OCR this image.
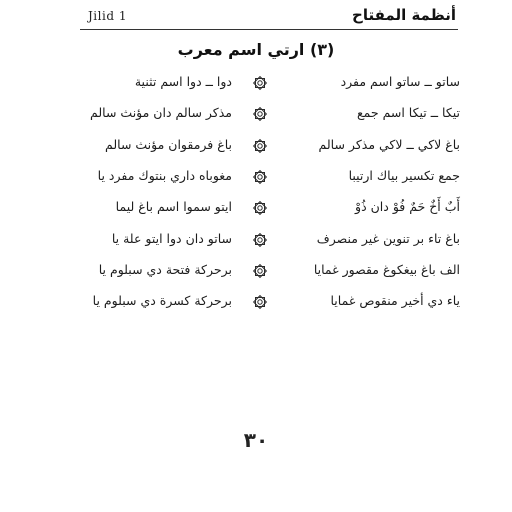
Jilid 1	أنظمة المفتاح
(٣) ارتي اسم معرب
ساتو ــ ساتو اسم مفرد
دوا ــ دوا اسم تثنية
تيكا ــ تيكا اسم جمع
مذكر سالم دان مؤنث سالم
باغ لاكي ــ لاكي مذكر سالم
باغ فرمقوان مؤنث سالم
جمع تكسير بياك ارتيبا
مغوباه داري بنتوك مفرد يا
أَبٌ أَخٌ حَمٌ فُوْ دان ذُوْ
ايتو سموا اسم باغ ليما
باغ تاء بر تنوين غير منصرف
ساتو دان دوا ايتو علة يا
الف باغ بيغكوغ مقصور غمايا
برحركة فتحة دي سبلوم يا
ياء دي أخير منقوص غمايا
برحركة كسرة دي سبلوم يا
٣٠
